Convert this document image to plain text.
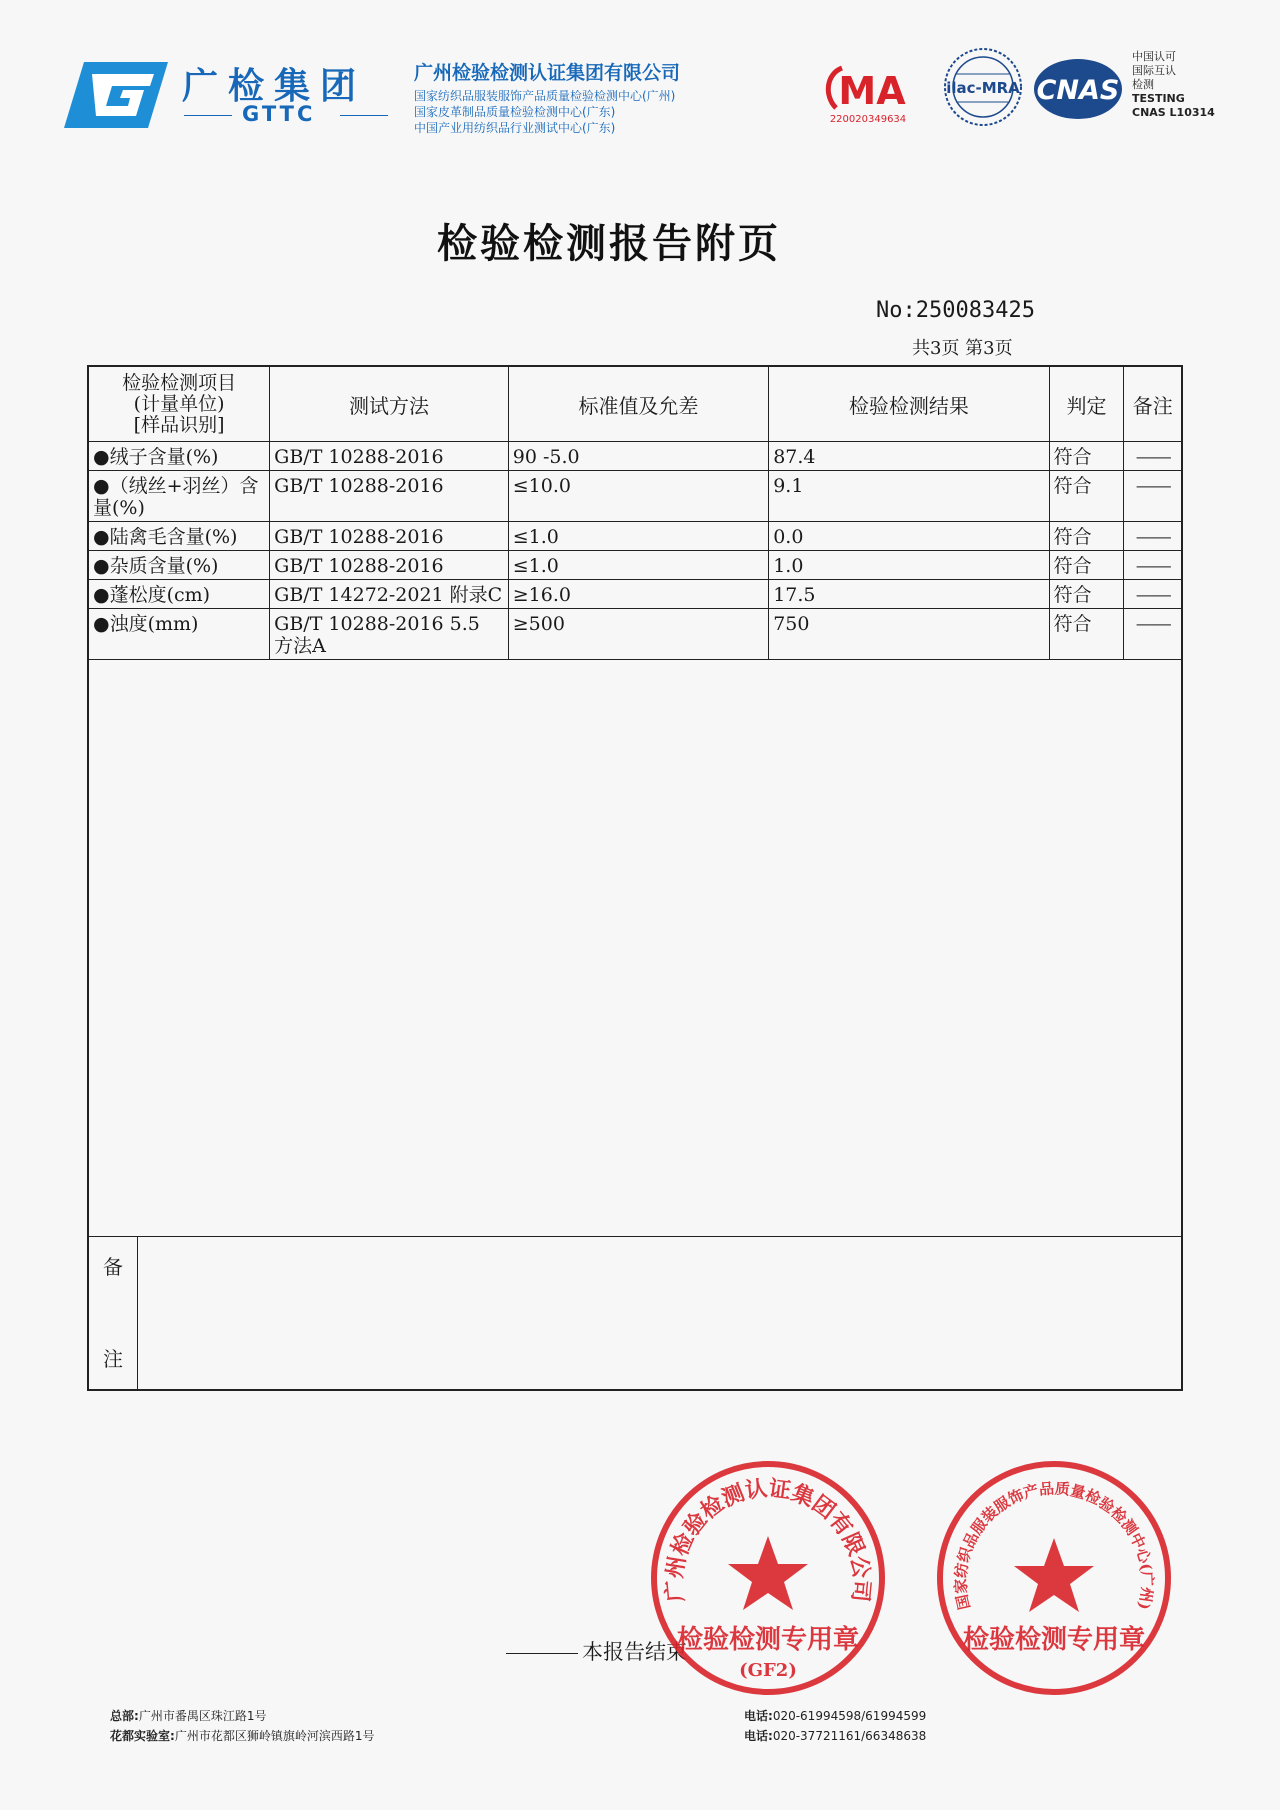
广检集团
GTTC
广州检验检测认证集团有限公司
国家纺织品服装服饰产品质量检验检测中心(广州)
国家皮革制品质量检验检测中心(广东)
中国产业用纺织品行业测试中心(广东)
MA
220020349634
ilac-MRA CNAS
中国认可
国际互认
检测
TESTING
CNAS L10314
检验检测报告附页
No:250083425
共3页 第3页
检验检测项目
(计量单位)
[样品识别]
	测试方法	标准值及允差	检验检测结果	判定	备注
●绒子含量(%)	GB/T 10288-2016	90 -5.0	87.4	符合	——
●（绒丝+羽丝）含量(%)	GB/T 10288-2016	≤10.0	9.1	符合	——
●陆禽毛含量(%)	GB/T 10288-2016	≤1.0	0.0	符合	——
●杂质含量(%)	GB/T 10288-2016	≤1.0	1.0	符合	——
●蓬松度(cm)	GB/T 14272-2021 附录C	≥16.0	17.5	符合	——
●浊度(mm)	GB/T 10288-2016 5.5 方法A	≥500	750	符合	——

备
注

本报告结束
广州检验检测认证集团有限公司
检验检测专用章
(GF2)
国家纺织品服装服饰产品质量检验检测中心(广州)
检验检测专用章
总部:广州市番禺区珠江路1号
花都实验室:广州市花都区狮岭镇旗岭河滨西路1号
电话:020-61994598/61994599
电话:020-37721161/66348638
